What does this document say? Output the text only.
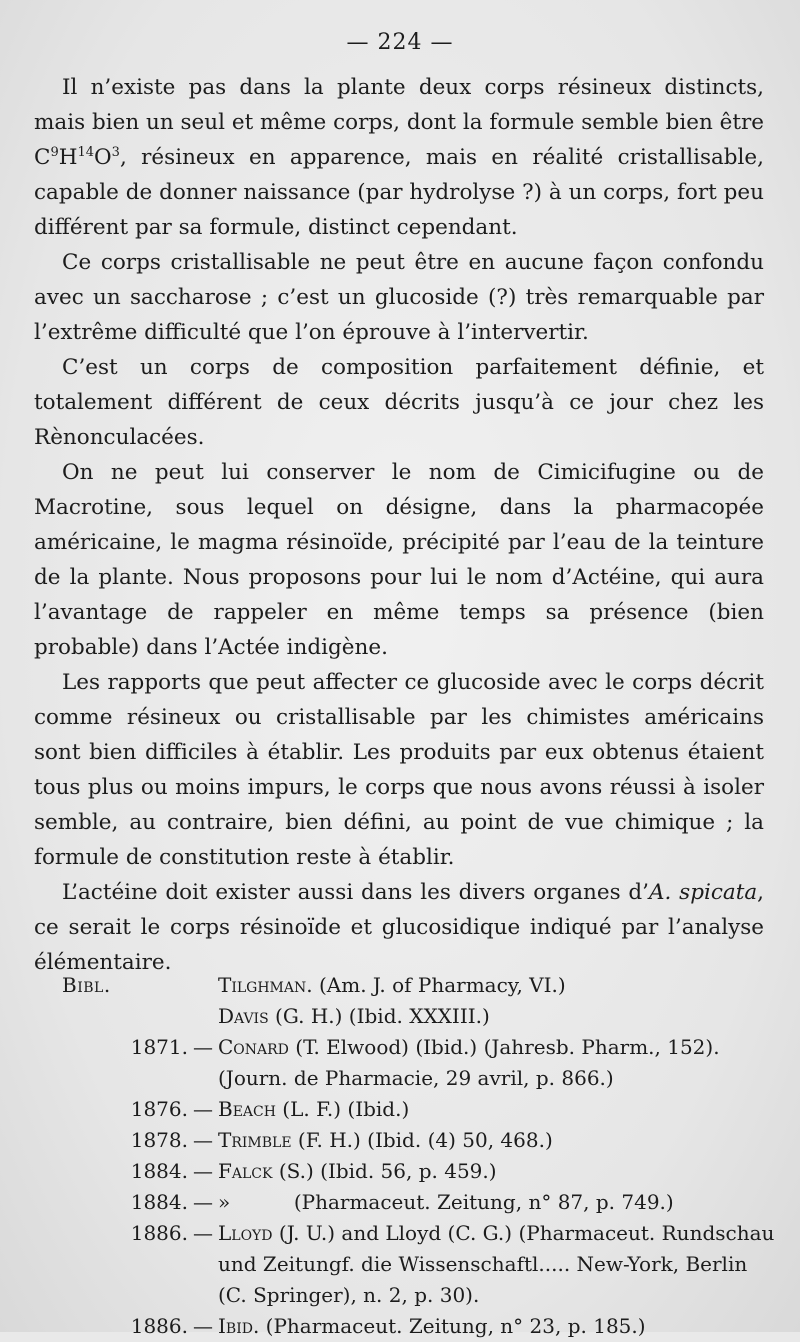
— 224 —

Il n’existe pas dans la plante deux corps résineux distincts, mais bien un seul et même corps, dont la formule semble bien être $C^9H^{14}O^3$, résineux en apparence, mais en réalité cristallisable, capable de donner naissance (par hydrolyse ?) à un corps, fort peu différent par sa formule, distinct cependant.

Ce corps cristallisable ne peut être en aucune façon confondu avec un saccharose ; c’est un glucoside (?) très remarquable par l’extrême difficulté que l’on éprouve à l’intervertir.

C’est un corps de composition parfaitement définie, et totalement différent de ceux décrits jusqu’à ce jour chez les Rènonculacées.

On ne peut lui conserver le nom de Cimicifugine ou de Macrotine, sous lequel on désigne, dans la pharmacopée américaine, le magma résinoïde, précipité par l’eau de la teinture de la plante. Nous proposons pour lui le nom d’Actéine, qui aura l’avantage de rappeler en même temps sa présence (bien probable) dans l’Actée indigène.

Les rapports que peut affecter ce glucoside avec le corps décrit comme résineux ou cristallisable par les chimistes américains sont bien difficiles à établir. Les produits par eux obtenus étaient tous plus ou moins impurs, le corps que nous avons réussi à isoler semble, au contraire, bien défini, au point de vue chimique ; la formule de constitution reste à établir.

L’actéine doit exister aussi dans les divers organes d’A. spicata, ce serait le corps résinoïde et glucosidique indiqué par l’analyse élémentaire.

Bibl.	Tilghman. (Am. J. of Pharmacy, VI.)
Davis (G. H.) (Ibid. XXXIII.)
1871. — Conard (T. Elwood) (Ibid.) (Jahresb. Pharm., 152).
(Journ. de Pharmacie, 29 avril, p. 866.)
1876. — Beach (L. F.) (Ibid.)
1878. — Trimble (F. H.) (Ibid. (4) 50, 468.)
1884. — Falck (S.) (Ibid. 56, p. 459.)
1884. — »          (Pharmaceut. Zeitung, n° 87, p. 749.)
1886. — Lloyd (J. U.) and Lloyd (C. G.) (Pharmaceut. Rundschau und Zeitungf. die Wissenschaftl..... New-York, Berlin (C. Springer), n. 2, p. 30).
1886. — Ibid. (Pharmaceut. Zeitung, n° 23, p. 185.)
